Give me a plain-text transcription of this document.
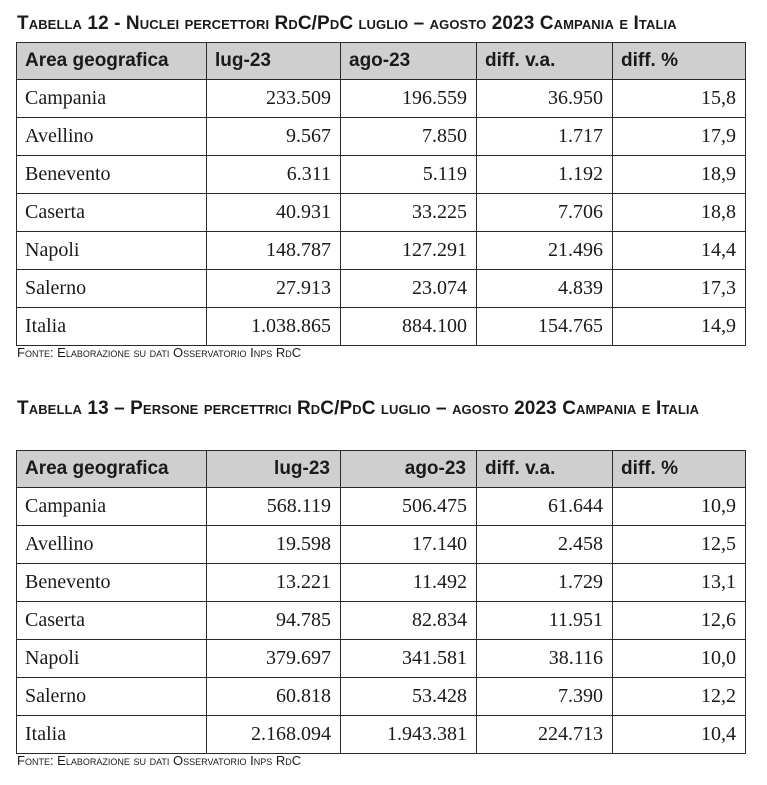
Tabella 12 - Nuclei percettori RdC/PdC luglio – agosto 2023 Campania e Italia
Area geografica	lug-23	ago-23	diff. v.a.	diff. %
Campania	233.509	196.559	36.950	15,8
Avellino	9.567	7.850	1.717	17,9
Benevento	6.311	5.119	1.192	18,9
Caserta	40.931	33.225	7.706	18,8
Napoli	148.787	127.291	21.496	14,4
Salerno	27.913	23.074	4.839	17,3
Italia	1.038.865	884.100	154.765	14,9
Fonte: Elaborazione su dati Osservatorio Inps RdC
Tabella 13 – Persone percettrici RdC/PdC luglio – agosto 2023 Campania e Italia
Area geografica	lug-23	ago-23	diff. v.a.	diff. %
Campania	568.119	506.475	61.644	10,9
Avellino	19.598	17.140	2.458	12,5
Benevento	13.221	11.492	1.729	13,1
Caserta	94.785	82.834	11.951	12,6
Napoli	379.697	341.581	38.116	10,0
Salerno	60.818	53.428	7.390	12,2
Italia	2.168.094	1.943.381	224.713	10,4
Fonte: Elaborazione su dati Osservatorio Inps RdC
